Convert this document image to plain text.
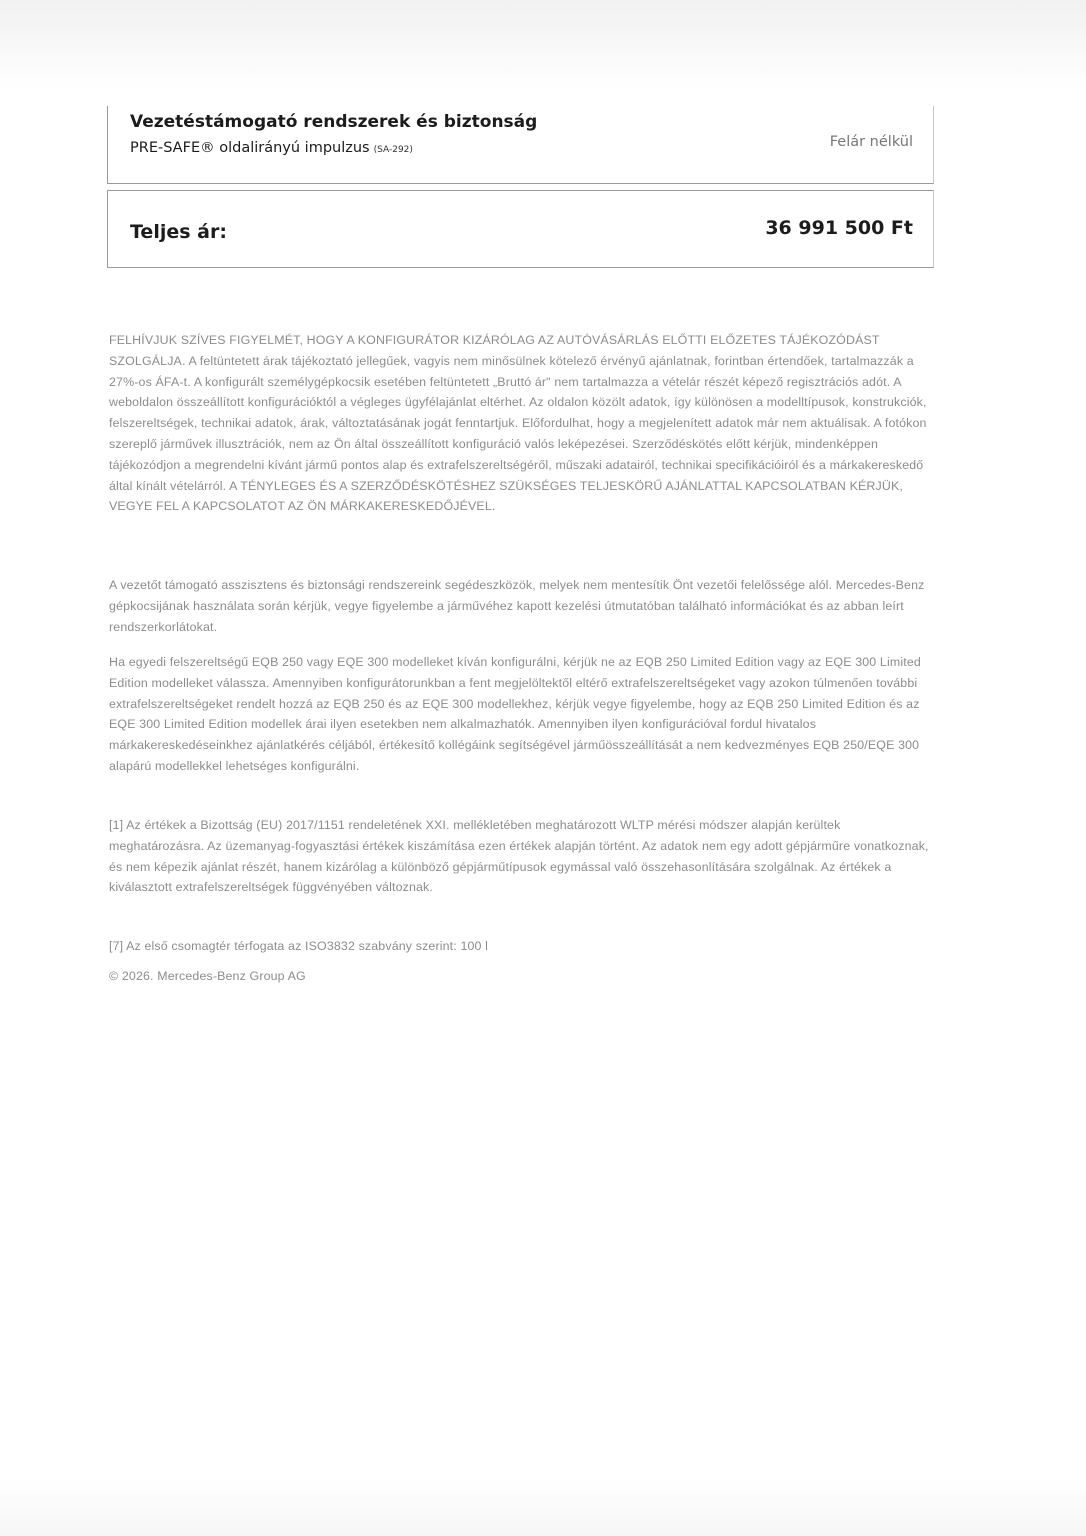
Vezetéstámogató rendszerek és biztonság
PRE-SAFE® oldalirányú impulzus (SA-292)	Felár nélkül
Teljes ár:	36 991 500 Ft

FELHÍVJUK SZÍVES FIGYELMÉT, HOGY A KONFIGURÁTOR KIZÁRÓLAG AZ AUTÓVÁSÁRLÁS ELŐTTI ELŐZETES TÁJÉKOZÓDÁST SZOLGÁLJA. A feltüntetett árak tájékoztató jellegűek, vagyis nem minősülnek kötelező érvényű ajánlatnak, forintban értendőek, tartalmazzák a 27%-os ÁFA-t. A konfigurált személygépkocsik esetében feltüntetett „Bruttó ár" nem tartalmazza a vételár részét képező regisztrációs adót. A weboldalon összeállított konfigurációktól a végleges ügyfélajánlat eltérhet. Az oldalon közölt adatok, így különösen a modelltípusok, konstrukciók, felszereltségek, technikai adatok, árak, változtatásának jogát fenntartjuk. Előfordulhat, hogy a megjelenített adatok már nem aktuálisak. A fotókon szereplő járművek illusztrációk, nem az Ön által összeállított konfiguráció valós leképezései. Szerződéskötés előtt kérjük, mindenképpen tájékozódjon a megrendelni kívánt jármű pontos alap és extrafelszereltségéről, műszaki adatairól, technikai specifikációiról és a márkakereskedő által kínált vételárról. A TÉNYLEGES ÉS A SZERZŐDÉSKÖTÉSHEZ SZÜKSÉGES TELJESKÖRŰ AJÁNLATTAL KAPCSOLATBAN KÉRJÜK, VEGYE FEL A KAPCSOLATOT AZ ÖN MÁRKAKERESKEDŐJÉVEL.

A vezetőt támogató asszisztens és biztonsági rendszereink segédeszközök, melyek nem mentesítik Önt vezetői felelőssége alól. Mercedes-Benz gépkocsijának használata során kérjük, vegye figyelembe a járművéhez kapott kezelési útmutatóban található információkat és az abban leírt rendszerkorlátokat.

Ha egyedi felszereltségű EQB 250 vagy EQE 300 modelleket kíván konfigurálni, kérjük ne az EQB 250 Limited Edition vagy az EQE 300 Limited Edition modelleket válassza. Amennyiben konfigurátorunkban a fent megjelöltektől eltérő extrafelszereltségeket vagy azokon túlmenően további extrafelszereltségeket rendelt hozzá az EQB 250 és az EQE 300 modellekhez, kérjük vegye figyelembe, hogy az EQB 250 Limited Edition és az EQE 300 Limited Edition modellek árai ilyen esetekben nem alkalmazhatók. Amennyiben ilyen konfigurációval fordul hivatalos márkakereskedéseinkhez ajánlatkérés céljából, értékesítő kollégáink segítségével járműösszeállítását a nem kedvezményes EQB 250/EQE 300 alapárú modellekkel lehetséges konfigurálni.

[1] Az értékek a Bizottság (EU) 2017/1151 rendeletének XXI. mellékletében meghatározott WLTP mérési módszer alapján kerültek meghatározásra. Az üzemanyag-fogyasztási értékek kiszámítása ezen értékek alapján történt. Az adatok nem egy adott gépjárműre vonatkoznak, és nem képezik ajánlat részét, hanem kizárólag a különböző gépjárműtípusok egymással való összehasonlítására szolgálnak. Az értékek a kiválasztott extrafelszereltségek függvényében változnak.

[7] Az első csomagtér térfogata az ISO3832 szabvány szerint: 100 l

© 2026. Mercedes-Benz Group AG
